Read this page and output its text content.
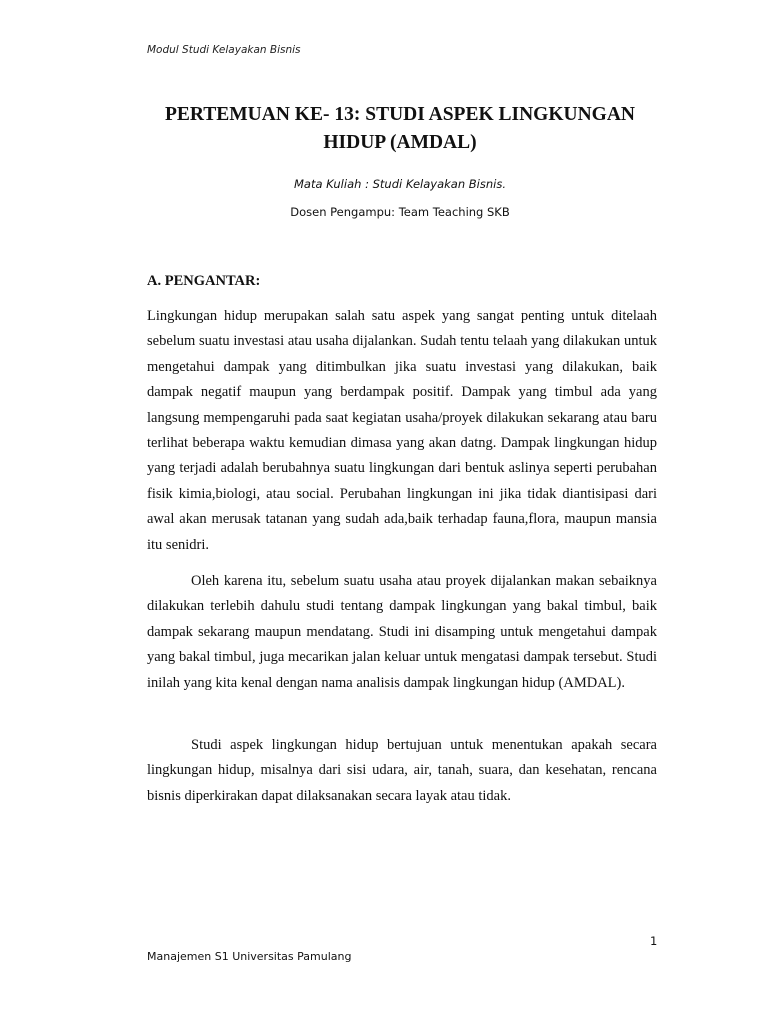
Modul Studi Kelayakan Bisnis
PERTEMUAN KE- 13: STUDI ASPEK LINGKUNGAN
HIDUP (AMDAL)
Mata Kuliah : Studi Kelayakan Bisnis.
Dosen Pengampu: Team Teaching SKB
A. PENGANTAR:

Lingkungan hidup merupakan salah satu aspek yang sangat penting untuk ditelaah sebelum suatu investasi atau usaha dijalankan. Sudah tentu telaah yang dilakukan untuk mengetahui dampak yang ditimbulkan jika suatu investasi yang dilakukan, baik dampak negatif maupun yang berdampak positif. Dampak yang timbul ada yang langsung mempengaruhi pada saat kegiatan usaha/proyek dilakukan sekarang atau baru terlihat beberapa waktu kemudian dimasa yang akan datng. Dampak lingkungan hidup yang terjadi adalah berubahnya suatu lingkungan dari bentuk aslinya seperti perubahan fisik kimia,biologi, atau social. Perubahan lingkungan ini jika tidak diantisipasi dari awal akan merusak tatanan yang sudah ada,baik terhadap fauna,flora, maupun mansia itu senidri.

Oleh karena itu, sebelum suatu usaha atau proyek dijalankan makan sebaiknya dilakukan terlebih dahulu studi tentang dampak lingkungan yang bakal timbul, baik dampak sekarang maupun mendatang. Studi ini disamping untuk mengetahui dampak yang bakal timbul, juga mecarikan jalan keluar untuk mengatasi dampak tersebut. Studi inilah yang kita kenal dengan nama analisis dampak lingkungan hidup (AMDAL).

Studi aspek lingkungan hidup bertujuan untuk menentukan apakah secara lingkungan hidup, misalnya dari sisi udara, air, tanah, suara, dan kesehatan, rencana bisnis diperkirakan dapat dilaksanakan secara layak atau tidak.

1
Manajemen S1 Universitas Pamulang
